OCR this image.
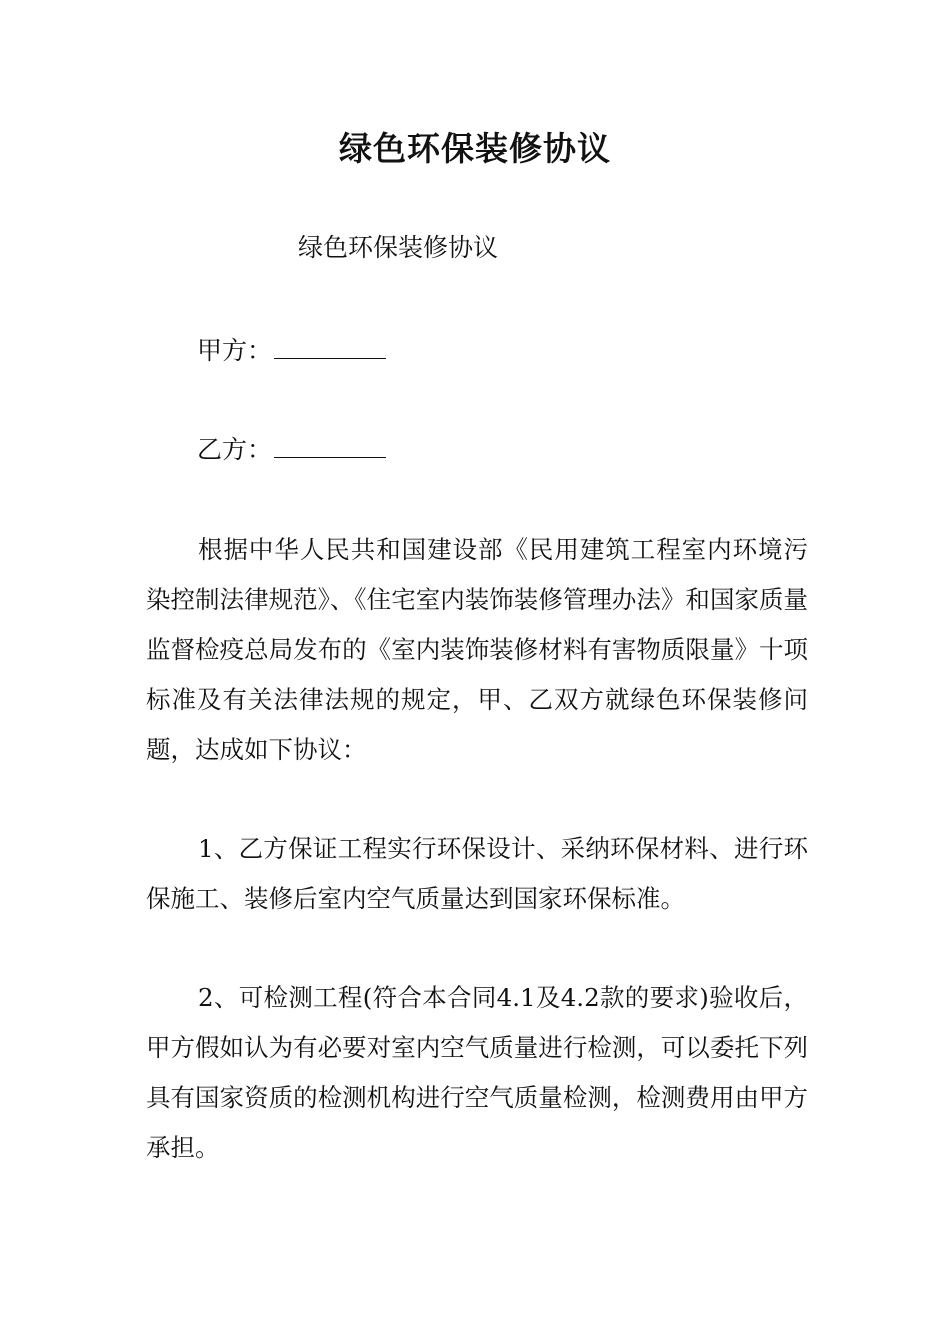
绿色环保装修协议

绿色环保装修协议

甲方：

乙方：

根据中华人民共和国建设部《民用建筑工程室内环境污染控制法律规范》、《住宅室内装饰装修管理办法》和国家质量监督检疫总局发布的《室内装饰装修材料有害物质限量》十项标准及有关法律法规的规定，甲、乙双方就绿色环保装修问题，达成如下协议：

1、乙方保证工程实行环保设计、采纳环保材料、进行环保施工、装修后室内空气质量达到国家环保标准。

2、可检测工程(符合本合同4.1及4.2款的要求)验收后，甲方假如认为有必要对室内空气质量进行检测，可以委托下列具有国家资质的检测机构进行空气质量检测，检测费用由甲方承担。
